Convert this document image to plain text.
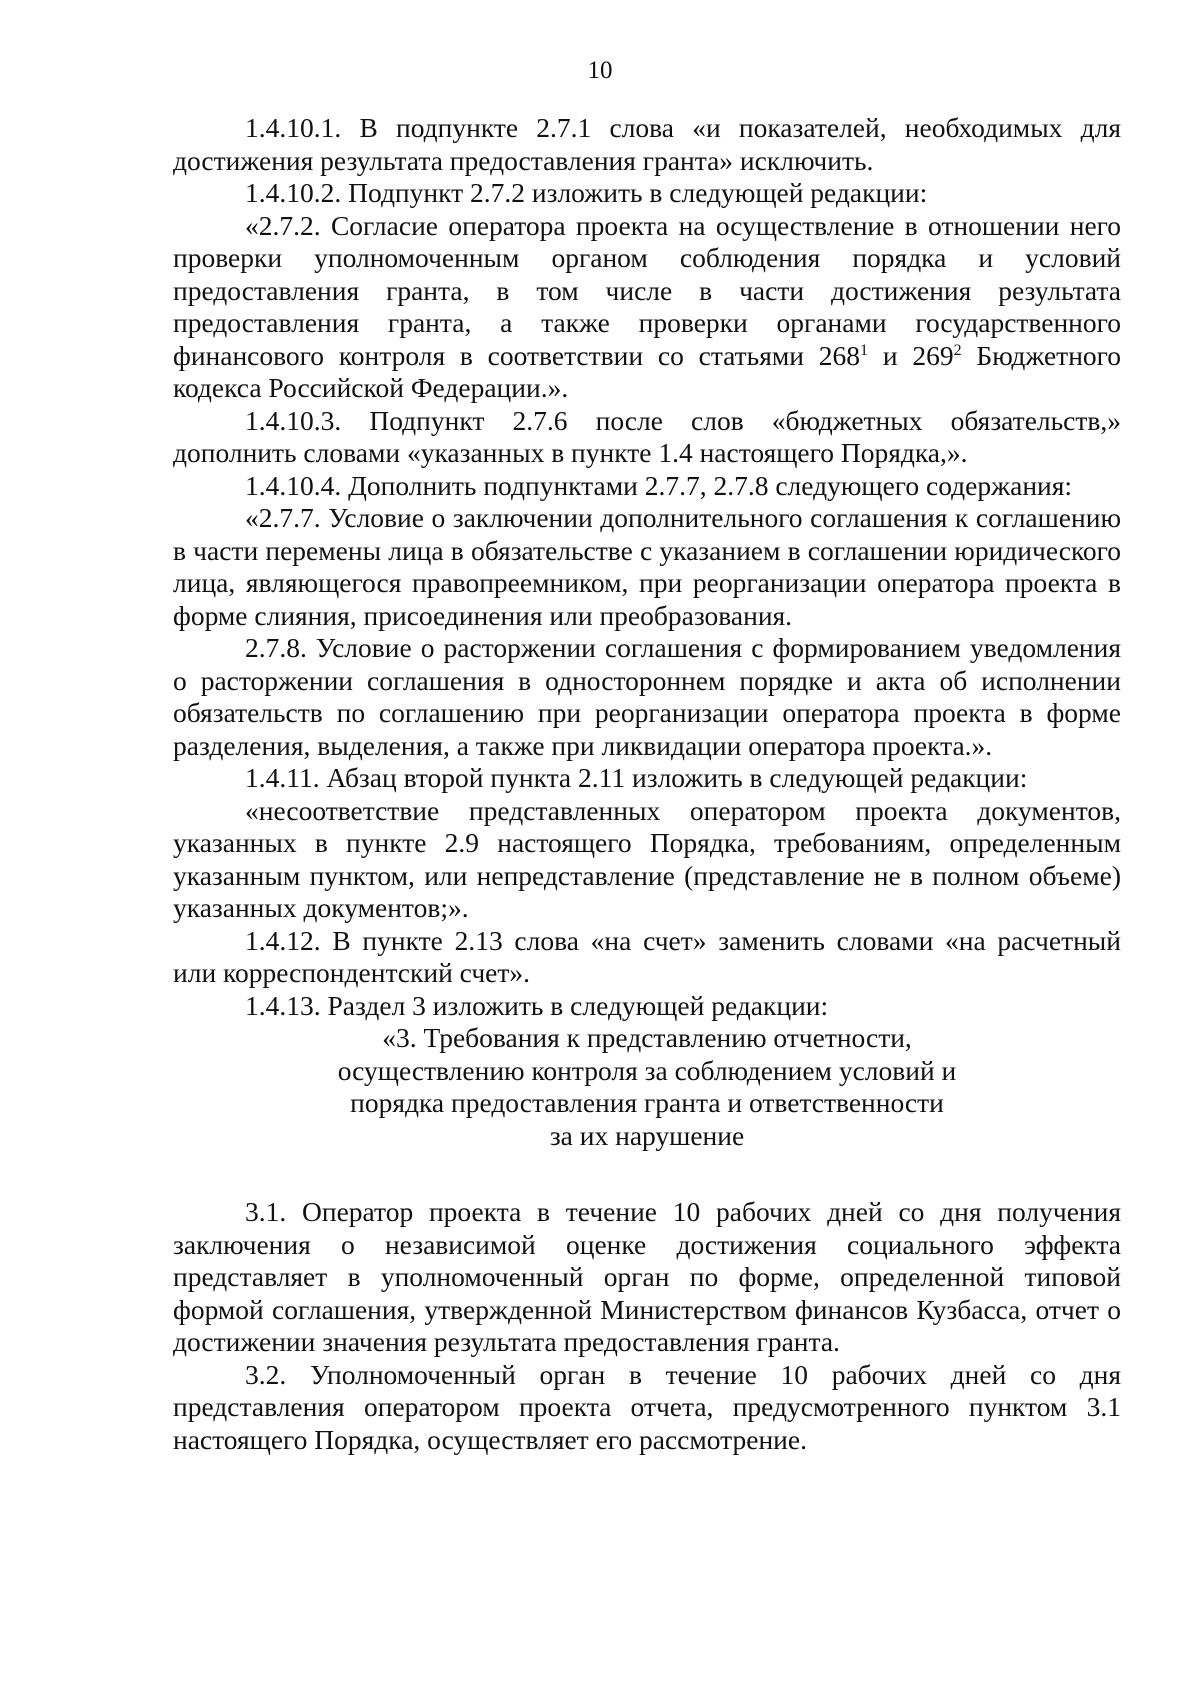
10

1.4.10.1. В подпункте 2.7.1 слова «и показателей, необходимых для достижения результата предоставления гранта» исключить.

1.4.10.2. Подпункт 2.7.2 изложить в следующей редакции:

«2.7.2. Согласие оператора проекта на осуществление в отношении него проверки уполномоченным органом соблюдения порядка и условий предоставления гранта, в том числе в части достижения результата предоставления гранта, а также проверки органами государственного финансового контроля в соответствии со статьями $268^1$ и $269^2$ Бюджетного кодекса Российской Федерации.».

1.4.10.3. Подпункт 2.7.6 после слов «бюджетных обязательств,» дополнить словами «указанных в пункте 1.4 настоящего Порядка,».

1.4.10.4. Дополнить подпунктами 2.7.7, 2.7.8 следующего содержания:

«2.7.7. Условие о заключении дополнительного соглашения к соглашению в части перемены лица в обязательстве с указанием в соглашении юридического лица, являющегося правопреемником, при реорганизации оператора проекта в форме слияния, присоединения или преобразования.

2.7.8. Условие о расторжении соглашения с формированием уведомления о расторжении соглашения в одностороннем порядке и акта об исполнении обязательств по соглашению при реорганизации оператора проекта в форме разделения, выделения, а также при ликвидации оператора проекта.».

1.4.11. Абзац второй пункта 2.11 изложить в следующей редакции:

«несоответствие представленных оператором проекта документов, указанных в пункте 2.9 настоящего Порядка, требованиям, определенным указанным пунктом, или непредставление (представление не в полном объеме) указанных документов;».

1.4.12. В пункте 2.13 слова «на счет» заменить словами «на расчетный или корреспондентский счет».

1.4.13. Раздел 3 изложить в следующей редакции:

«3. Требования к представлению отчетности,
осуществлению контроля за соблюдением условий и
порядка предоставления гранта и ответственности
за их нарушение

3.1. Оператор проекта в течение 10 рабочих дней со дня получения заключения о независимой оценке достижения социального эффекта представляет в уполномоченный орган по форме, определенной типовой формой соглашения, утвержденной Министерством финансов Кузбасса, отчет о достижении значения результата предоставления гранта.

3.2. Уполномоченный орган в течение 10 рабочих дней со дня представления оператором проекта отчета, предусмотренного пунктом 3.1 настоящего Порядка, осуществляет его рассмотрение.
